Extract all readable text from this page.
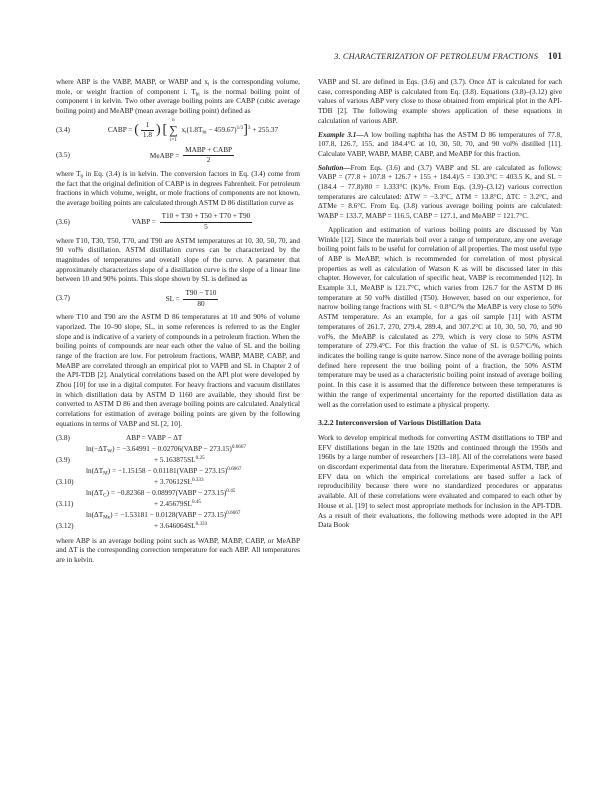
3. CHARACTERIZATION OF PETROLEUM FRACTIONS 101

where ABP is the VABP, MABP, or WABP and $x_i$ is the corresponding volume, mole, or weight fraction of component i. $T_{bi}$ is the normal boiling point of component i in kelvin. Two other average boiling points are CABP (cubic average boiling point) and MeABP (mean average boiling point) defined as

(3.4)	CABP = ( $\frac{1}{1.8}$ ) [
n
∑
i=1
$x_i(1.8T_{bi} - 459.67)^{1/3}]^3 + 255.37$
(3.5)	MeABP = $\frac{\text{MABP + CABP}}{2}$

where $T_b$ in Eq. (3.4) is in kelvin. The conversion factors in Eq. (3.4) come from the fact that the original definition of CABP is in degrees Fahrenheit. For petroleum fractions in which volume, weight, or mole fractions of components are not known, the average boiling points are calculated through ASTM D 86 distillation curve as

(3.6)	VABP = $\frac{T10 + T30 + T50 + T70 + T90}{5}$

where T10, T30, T50, T70, and T90 are ASTM temperatures at 10, 30, 50, 70, and 90 vol% distillation. ASTM distillation curves can be characterized by the magnitudes of temperatures and overall slope of the curve. A parameter that approximately characterizes slope of a distillation curve is the slope of a linear line between 10 and 90% points. This slope shown by SL is defined as

(3.7)	SL = $\frac{T90 - T10}{80}$

where T10 and T90 are the ASTM D 86 temperatures at 10 and 90% of volume vaporized. The 10–90 slope, SL, in some references is referred to as the Engler slope and is indicative of a variety of compounds in a petroleum fraction. When the boiling points of compounds are near each other the value of SL and the boiling range of the fraction are low. For petroleum fractions, WABP, MABP, CABP, and MeABP are correlated through an empirical plot to VAPB and SL in Chapter 2 of the API-TDB [2]. Analytical correlations based on the API plot were developed by Zhou [10] for use in a digital computer. For heavy fractions and vacuum distillates in which distillation data by ASTM D 1160 are available, they should first be converted to ASTM D 86 and then average boiling points are calculated. Analytical correlations for estimation of average boiling points are given by the following equations in terms of VABP and SL [2, 10].

(3.8)	ABP = VABP − ΔT
$\ln(-\Delta T_W) = -3.64991$ − 0.02706(VABP − 273.15)$^{0.6667}$
(3.9)	+ $5.163875SL^{0.25}$
$\ln(\Delta T_M) = -1.15158$ − 0.01181(VABP − 273.15)$^{0.6667}$
(3.10)	+ $3.70612SL^{0.333}$
$\ln(\Delta T_C) = -0.82368$ − 0.08997(VABP − 273.15)$^{0.45}$
(3.11)	+ $2.45679SL^{0.45}$
$\ln(\Delta T_{Me}) = -1.53181$ − 0.0128(VABP − 273.15)$^{0.6667}$
(3.12)	+ $3.646064SL^{0.333}$

where ABP is an average boiling point such as WABP, MABP, CABP, or MeABP and ΔT is the corresponding correction temperature for each ABP. All temperatures are in kelvin.

VABP and SL are defined in Eqs. (3.6) and (3.7). Once ΔT is calculated for each case, corresponding ABP is calculated from Eq. (3.8). Equations (3.8)–(3.12) give values of various ABP very close to those obtained from empirical plot in the API-TDB [2]. The following example shows application of these equations in calculation of various ABP.

Example 3.1—A low boiling naphtha has the ASTM D 86 temperatures of 77.8, 107.8, 126.7, 155, and 184.4°C at 10, 30, 50, 70, and 90 vol% distilled [11]. Calculate VABP, WABP, MABP, CABP, and MeABP for this fraction.

Solution—From Eqs. (3.6) and (3.7) VABP and SL are calculated as follows: VABP = (77.8 + 107.8 + 126.7 + 155 + 184.4)/5 = 130.3°C = 403.5 K, and SL = (184.4 − 77.8)/80 = 1.333°C (K)/%. From Eqs. (3.9)–(3.12) various correction temperatures are calculated: ΔTW = −3.3°C, ΔTM = 13.8°C, ΔTC = 3.2°C, and ΔTMe = 8.6°C. From Eq. (3.8) various average boiling points are calculated: WABP = 133.7, MABP = 116.5, CABP = 127.1, and MeABP = 121.7°C.

Application and estimation of various boiling points are discussed by Van Winkle [12]. Since the materials boil over a range of temperature, any one average boiling point fails to be useful for correlation of all properties. The most useful type of ABP is MeABP, which is recommended for correlation of most physical properties as well as calculation of Watson K as will be discussed later in this chapter. However, for calculation of specific heat, VABP is recommended [12]. In Example 3.1, MeABP is 121.7°C, which varies from 126.7 for the ASTM D 86 temperature at 50 vol% distilled (T50). However, based on our experience, for narrow boiling range fractions with SL < 0.8°C/% the MeABP is very close to 50% ASTM temperature. As an example, for a gas oil sample [11] with ASTM temperatures of 261.7, 270, 279.4, 289.4, and 307.2°C at 10, 30, 50, 70, and 90 vol%, the MeABP is calculated as 279, which is very close to 50% ASTM temperature of 279.4°C. For this fraction the value of SL is 0.57°C/%, which indicates the boiling range is quite narrow. Since none of the average boiling points defined here represent the true boiling point of a fraction, the 50% ASTM temperature may be used as a characteristic boiling point instead of average boiling point. In this case it is assumed that the difference between these temperatures is within the range of experimental uncertainty for the reported distillation data as well as the correlation used to estimate a physical property.

3.2.2 Interconversion of Various Distillation Data

Work to develop empirical methods for converting ASTM distillations to TBP and EFV distillations began in the late 1920s and continued through the 1950s and 1960s by a large number of researchers [13–18]. All of the correlations were based on discordant experimental data from the literature. Experimental ASTM, TBP, and EFV data on which the empirical correlations are based suffer a lack of reproducibility because there were no standardized procedures or apparatus available. All of these correlations were evaluated and compared to each other by House et al. [19] to select most appropriate methods for inclusion in the API-TDB. As a result of their evaluations, the following methods were adopted in the API Data Book
